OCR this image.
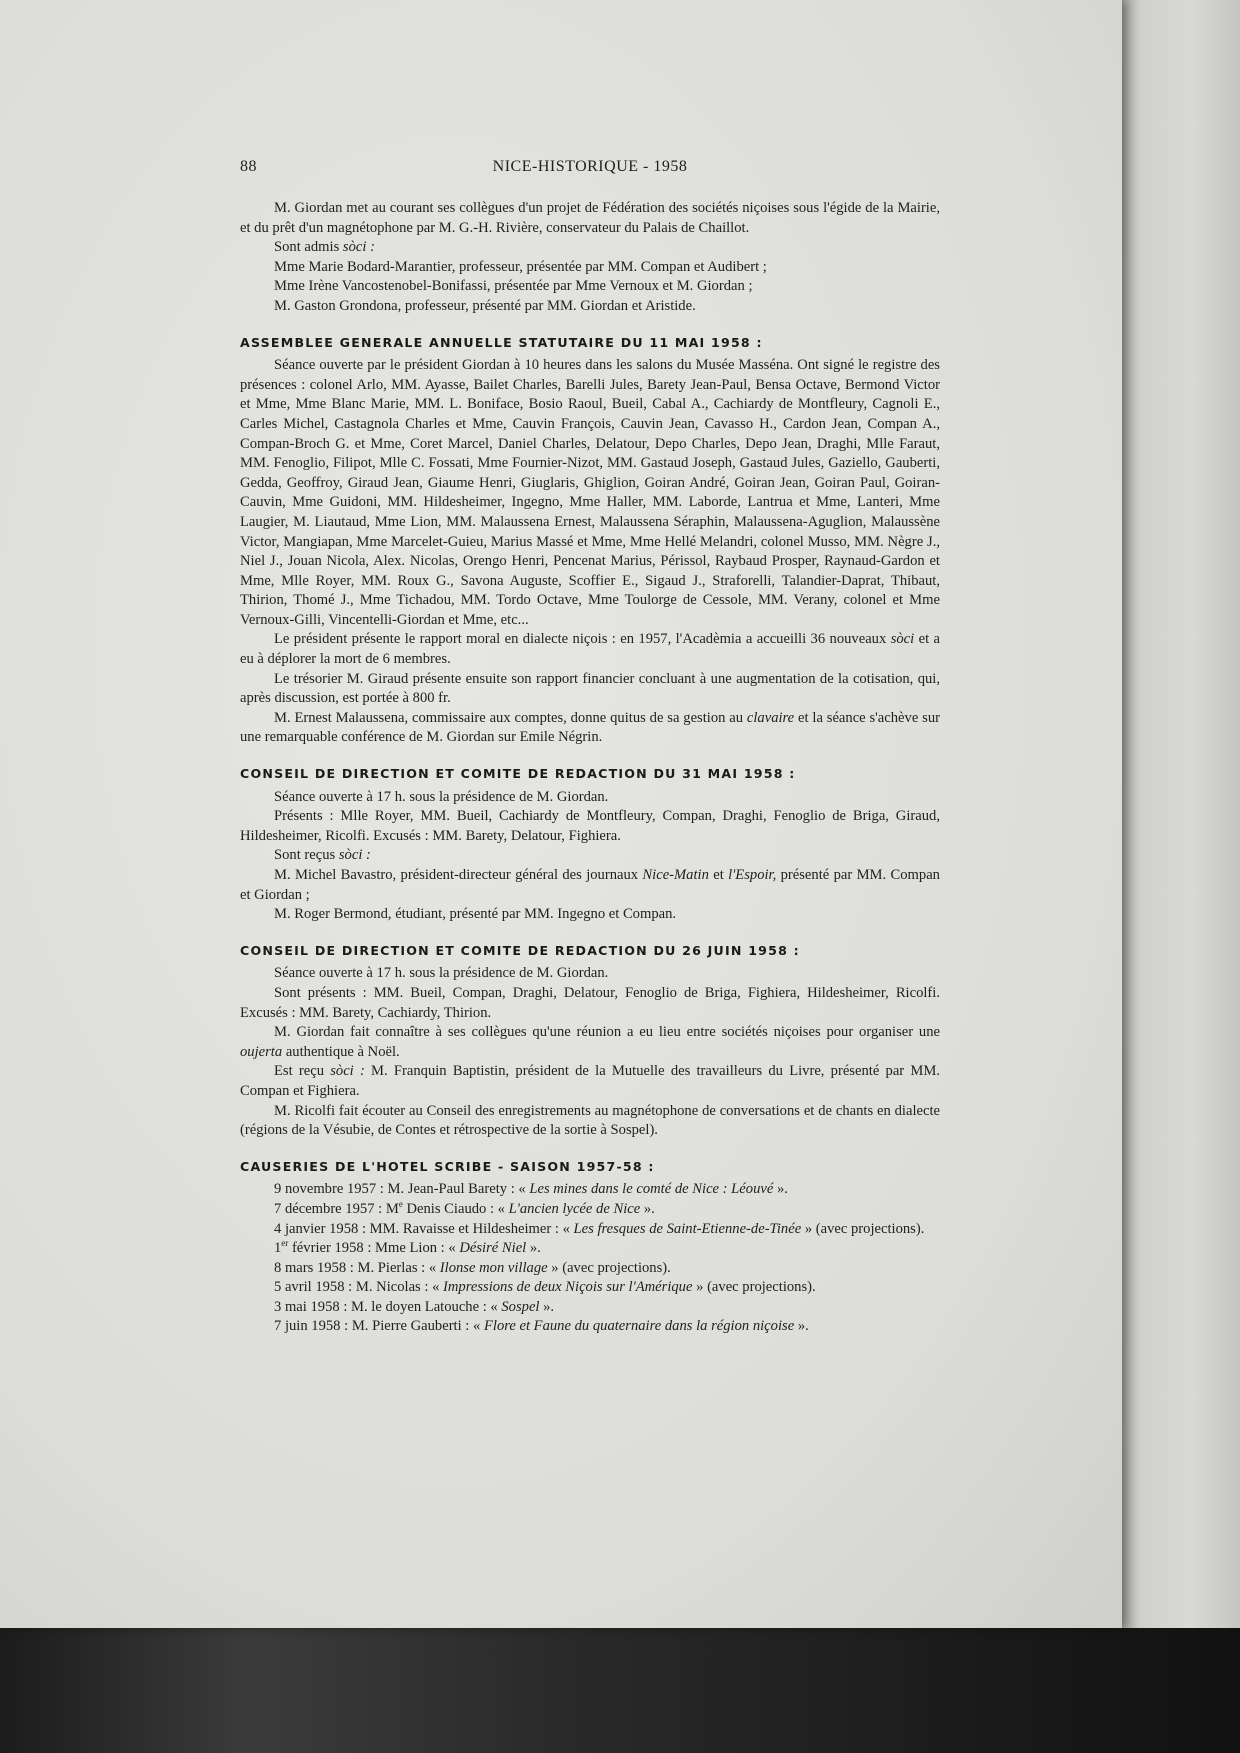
88	NICE-HISTORIQUE - 1958

M. Giordan met au courant ses collègues d'un projet de Fédération des sociétés niçoises sous l'égide de la Mairie, et du prêt d'un magnétophone par M. G.-H. Rivière, conservateur du Palais de Chaillot.

Sont admis sòci :

Mme Marie Bodard-Marantier, professeur, présentée par MM. Compan et Audibert ;

Mme Irène Vancostenobel-Bonifassi, présentée par Mme Vernoux et M. Giordan ;

M. Gaston Grondona, professeur, présenté par MM. Giordan et Aristide.

ASSEMBLEE GENERALE ANNUELLE STATUTAIRE DU 11 MAI 1958 :

Séance ouverte par le président Giordan à 10 heures dans les salons du Musée Masséna. Ont signé le registre des présences : colonel Arlo, MM. Ayasse, Bailet Charles, Barelli Jules, Barety Jean-Paul, Bensa Octave, Bermond Victor et Mme, Mme Blanc Marie, MM. L. Boniface, Bosio Raoul, Bueil, Cabal A., Cachiardy de Montfleury, Cagnoli E., Carles Michel, Castagnola Charles et Mme, Cauvin François, Cauvin Jean, Cavasso H., Cardon Jean, Compan A., Compan-Broch G. et Mme, Coret Marcel, Daniel Charles, Delatour, Depo Charles, Depo Jean, Draghi, Mlle Faraut, MM. Fenoglio, Filipot, Mlle C. Fossati, Mme Fournier-Nizot, MM. Gastaud Joseph, Gastaud Jules, Gaziello, Gauberti, Gedda, Geoffroy, Giraud Jean, Giaume Henri, Giuglaris, Ghiglion, Goiran André, Goiran Jean, Goiran Paul, Goiran-Cauvin, Mme Guidoni, MM. Hildesheimer, Ingegno, Mme Haller, MM. Laborde, Lantrua et Mme, Lanteri, Mme Laugier, M. Liautaud, Mme Lion, MM. Malaussena Ernest, Malaussena Séraphin, Malaussena-Aguglion, Malaussène Victor, Mangiapan, Mme Marcelet-Guieu, Marius Massé et Mme, Mme Hellé Melandri, colonel Musso, MM. Nègre J., Niel J., Jouan Nicola, Alex. Nicolas, Orengo Henri, Pencenat Marius, Périssol, Raybaud Prosper, Raynaud-Gardon et Mme, Mlle Royer, MM. Roux G., Savona Auguste, Scoffier E., Sigaud J., Straforelli, Talandier-Daprat, Thibaut, Thirion, Thomé J., Mme Tichadou, MM. Tordo Octave, Mme Toulorge de Cessole, MM. Verany, colonel et Mme Vernoux-Gilli, Vincentelli-Giordan et Mme, etc...

Le président présente le rapport moral en dialecte niçois : en 1957, l'Acadèmia a accueilli 36 nouveaux sòci et a eu à déplorer la mort de 6 membres.

Le trésorier M. Giraud présente ensuite son rapport financier concluant à une augmentation de la cotisation, qui, après discussion, est portée à 800 fr.

M. Ernest Malaussena, commissaire aux comptes, donne quitus de sa gestion au clavaire et la séance s'achève sur une remarquable conférence de M. Giordan sur Emile Négrin.

CONSEIL DE DIRECTION ET COMITE DE REDACTION DU 31 MAI 1958 :

Séance ouverte à 17 h. sous la présidence de M. Giordan.

Présents : Mlle Royer, MM. Bueil, Cachiardy de Montfleury, Compan, Draghi, Fenoglio de Briga, Giraud, Hildesheimer, Ricolfi. Excusés : MM. Barety, Delatour, Fighiera.

Sont reçus sòci :

M. Michel Bavastro, président-directeur général des journaux Nice-Matin et l'Espoir, présenté par MM. Compan et Giordan ;

M. Roger Bermond, étudiant, présenté par MM. Ingegno et Compan.

CONSEIL DE DIRECTION ET COMITE DE REDACTION DU 26 JUIN 1958 :

Séance ouverte à 17 h. sous la présidence de M. Giordan.

Sont présents : MM. Bueil, Compan, Draghi, Delatour, Fenoglio de Briga, Fighiera, Hildesheimer, Ricolfi. Excusés : MM. Barety, Cachiardy, Thirion.

M. Giordan fait connaître à ses collègues qu'une réunion a eu lieu entre sociétés niçoises pour organiser une oujerta authentique à Noël.

Est reçu sòci : M. Franquin Baptistin, président de la Mutuelle des travailleurs du Livre, présenté par MM. Compan et Fighiera.

M. Ricolfi fait écouter au Conseil des enregistrements au magnétophone de conversations et de chants en dialecte (régions de la Vésubie, de Contes et rétrospective de la sortie à Sospel).

CAUSERIES DE L'HOTEL SCRIBE - SAISON 1957-58 :

9 novembre 1957 : M. Jean-Paul Barety : « Les mines dans le comté de Nice : Léouvé ».

7 décembre 1957 : Me Denis Ciaudo : « L'ancien lycée de Nice ».

4 janvier 1958 : MM. Ravaisse et Hildesheimer : « Les fresques de Saint-Etienne-de-Tinée » (avec projections).

1er février 1958 : Mme Lion : « Désiré Niel ».

8 mars 1958 : M. Pierlas : « Ilonse mon village » (avec projections).

5 avril 1958 : M. Nicolas : « Impressions de deux Niçois sur l'Amérique » (avec projections).

3 mai 1958 : M. le doyen Latouche : « Sospel ».

7 juin 1958 : M. Pierre Gauberti : « Flore et Faune du quaternaire dans la région niçoise ».
